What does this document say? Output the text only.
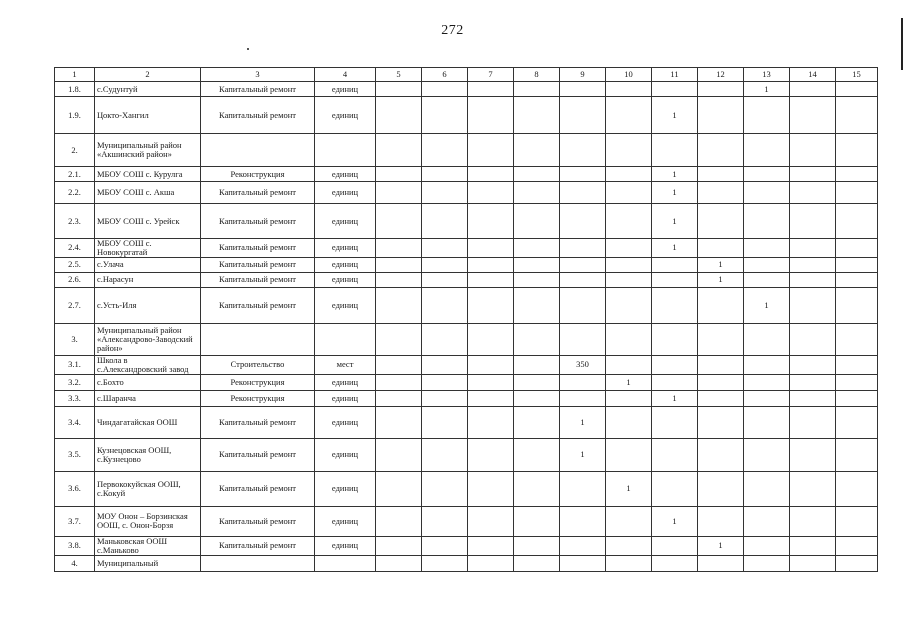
272
1	2	3	4	5	6	7	8	9	10	11	12	13	14	15
1.8.	с.Судунтуй	Капитальный ремонт	единиц									1		
1.9.	Цокто-Хангил	Капитальный ремонт	единиц							1				
2.	Муниципальный район «Акшинский район»													
2.1.	МБОУ СОШ с. Курулга	Реконструкция	единиц							1				
2.2.	МБОУ СОШ с. Акша	Капитальный ремонт	единиц							1				
2.3.	МБОУ СОШ с. Урейск	Капитальный ремонт	единиц							1				
2.4.	МБОУ СОШ с. Новокургатай	Капитальный ремонт	единиц							1				
2.5.	с.Улача	Капитальный ремонт	единиц								1			
2.6.	с.Нарасун	Капитальный ремонт	единиц								1			
2.7.	с.Усть-Иля	Капитальный ремонт	единиц									1		
3.	Муниципальный район «Александрово-Заводский район»													
3.1.	Школа в с.Александровский завод	Строительство	мест					350						
3.2.	с.Бохто	Реконструкция	единиц						1					
3.3.	с.Шаранча	Реконструкция	единиц							1				
3.4.	Чиндагатайская ООШ	Капитальный ремонт	единиц					1						
3.5.	Кузнецовская ООШ, с.Кузнецово	Капитальный ремонт	единиц					1						
3.6.	Первококуйская ООШ, с.Кокуй	Капитальный ремонт	единиц						1					
3.7.	МОУ Онон – Борзинская ООШ, с. Онон-Борзя	Капитальный ремонт	единиц							1				
3.8.	Маньковская ООШ с.Маньково	Капитальный ремонт	единиц								1			
4.	Муниципальный													
